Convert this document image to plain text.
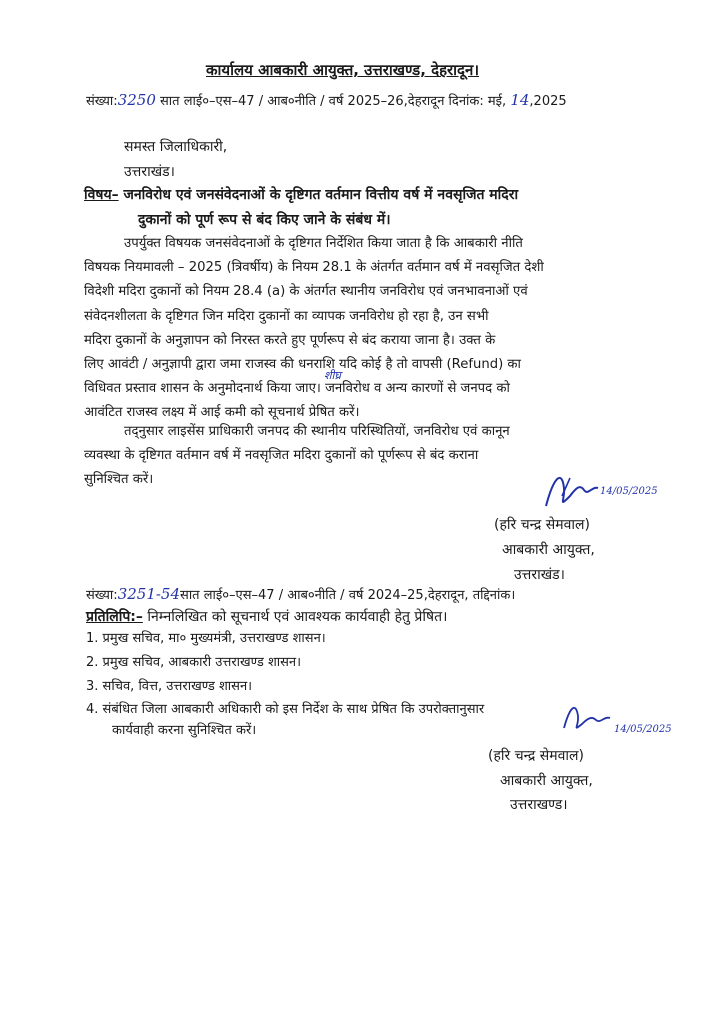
कार्यालय आबकारी आयुक्त, उत्तराखण्ड, देहरादून।
संख्या:3250 सात लाई०–एस–47 / आब०नीति / वर्ष 2025–26,देहरादून दिनांक: मई, 14,2025
समस्त जिलाधिकारी,
उत्तराखंड।
विषय– जनविरोध एवं जनसंवेदनाओं के दृष्टिगत वर्तमान वित्तीय वर्ष में नवसृजित मदिरा
दुकानों को पूर्ण रूप से बंद किए जाने के संबंध में।
उपर्युक्त विषयक जनसंवेदनाओं के दृष्टिगत निर्देशित किया जाता है कि आबकारी नीति
विषयक नियमावली – 2025 (त्रिवर्षीय) के नियम 28.1 के अंतर्गत वर्तमान वर्ष में नवसृजित देशी
विदेशी मदिरा दुकानों को नियम 28.4 (a) के अंतर्गत स्थानीय जनविरोध एवं जनभावनाओं एवं
संवेदनशीलता के दृष्टिगत जिन मदिरा दुकानों का व्यापक जनविरोध हो रहा है, उन सभी
मदिरा दुकानों के अनुज्ञापन को निरस्त करते हुए पूर्णरूप से बंद कराया जाना है। उक्त के
लिए आवंटी / अनुज्ञापी द्वारा जमा राजस्व की धनराशि यदि कोई है तो वापसी (Refund) का
विधिवत प्रस्ताव शासन के अनुमोदनार्थ किया जाए। जनविरोध व अन्य कारणों से जनपद को
आवंटित राजस्व लक्ष्य में आई कमी को सूचनार्थ प्रेषित करें।
शीघ्र
तद्नुसार लाइसेंस प्राधिकारी जनपद की स्थानीय परिस्थितियों, जनविरोध एवं कानून
व्यवस्था के दृष्टिगत वर्तमान वर्ष में नवसृजित मदिरा दुकानों को पूर्णरूप से बंद कराना
सुनिश्चित करें।
14/05/2025
(हरि चन्द्र सेमवाल)
आबकारी आयुक्त,
उत्तराखंड।
संख्या:3251-54सात लाई०–एस–47 / आब०नीति / वर्ष 2024–25,देहरादून, तद्दिनांक।
प्रतिलिपि:– निम्नलिखित को सूचनार्थ एवं आवश्यक कार्यवाही हेतु प्रेषित।
1. प्रमुख सचिव, मा० मुख्यमंत्री, उत्तराखण्ड शासन।
2. प्रमुख सचिव, आबकारी उत्तराखण्ड शासन।
3. सचिव, वित्त, उत्तराखण्ड शासन।
4. संबंधित जिला आबकारी अधिकारी को इस निर्देश के साथ प्रेषित कि उपरोक्तानुसार
कार्यवाही करना सुनिश्चित करें।	14/05/2025
(हरि चन्द्र सेमवाल)
आबकारी आयुक्त,
उत्तराखण्ड।
